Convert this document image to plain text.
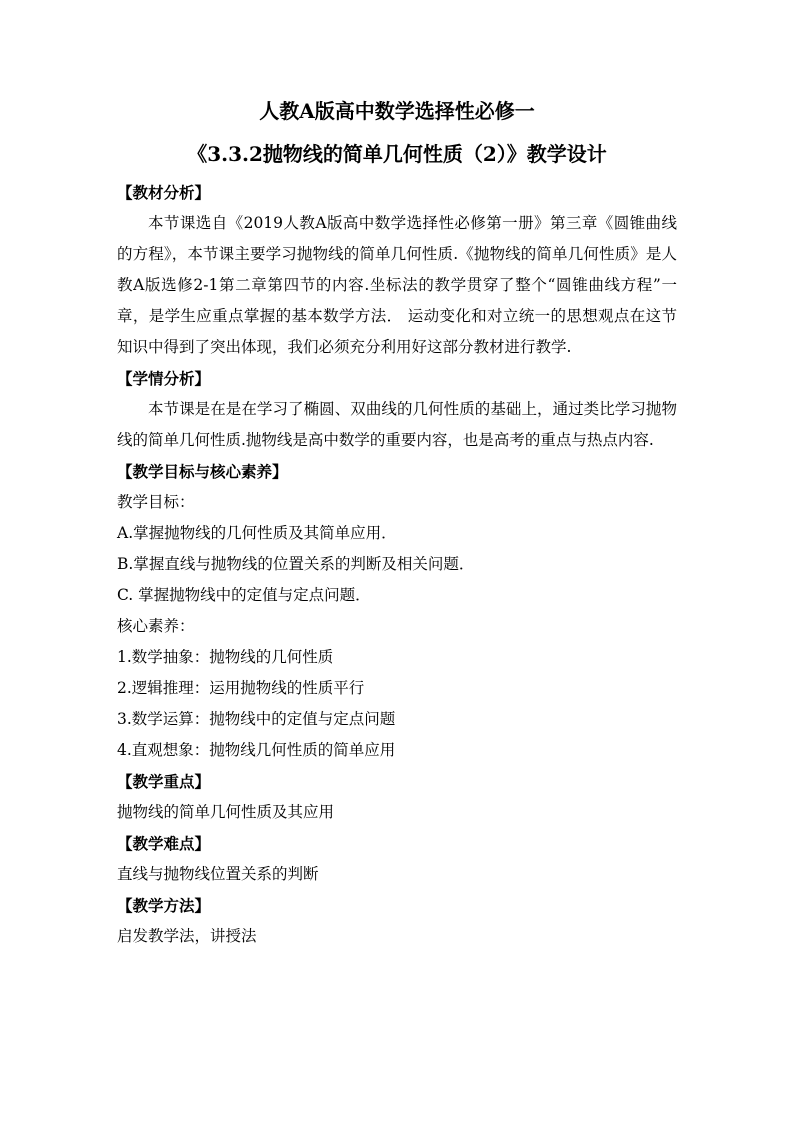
人教A版高中数学选择性必修一
《3.3.2抛物线的简单几何性质（2）》教学设计

【教材分析】

本节课选自《2019人教A版高中数学选择性必修第一册》第三章《圆锥曲线的方程》，本节课主要学习抛物线的简单几何性质.《抛物线的简单几何性质》是人教A版选修2-1第二章第四节的内容.坐标法的教学贯穿了整个“圆锥曲线方程”一章，是学生应重点掌握的基本数学方法． 运动变化和对立统一的思想观点在这节知识中得到了突出体现，我们必须充分利用好这部分教材进行教学.

【学情分析】

本节课是在是在学习了椭圆、双曲线的几何性质的基础上，通过类比学习抛物线的简单几何性质.抛物线是高中数学的重要内容，也是高考的重点与热点内容.

【教学目标与核心素养】

教学目标：

A.掌握抛物线的几何性质及其简单应用．

B.掌握直线与抛物线的位置关系的判断及相关问题．

C. 掌握抛物线中的定值与定点问题．

核心素养：

1.数学抽象：抛物线的几何性质

2.逻辑推理：运用抛物线的性质平行

3.数学运算：抛物线中的定值与定点问题

4.直观想象：抛物线几何性质的简单应用

【教学重点】

抛物线的简单几何性质及其应用

【教学难点】

直线与抛物线位置关系的判断

【教学方法】

启发教学法，讲授法
